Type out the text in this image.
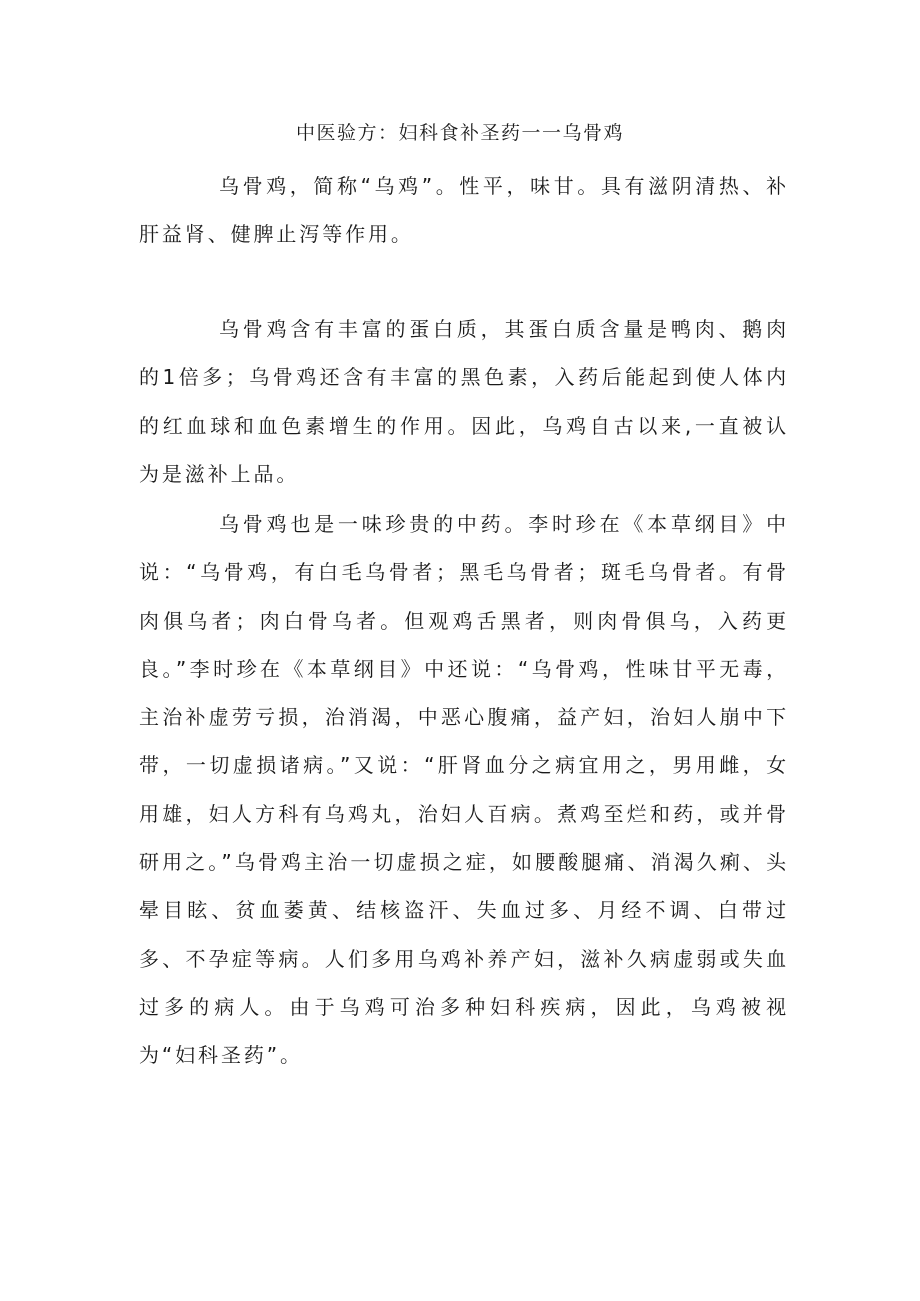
中医验方：妇科食补圣药一一乌骨鸡

乌骨鸡，简称“乌鸡”。性平，味甘。具有滋阴清热、补肝益肾、健脾止泻等作用。

乌骨鸡含有丰富的蛋白质，其蛋白质含量是鸭肉、鹅肉的1倍多；乌骨鸡还含有丰富的黑色素，入药后能起到使人体内的红血球和血色素增生的作用。因此，乌鸡自古以来,一直被认为是滋补上品。

乌骨鸡也是一味珍贵的中药。李时珍在《本草纲目》中说：“乌骨鸡，有白毛乌骨者；黑毛乌骨者；斑毛乌骨者。有骨肉俱乌者；肉白骨乌者。但观鸡舌黑者，则肉骨俱乌，入药更良。”李时珍在《本草纲目》中还说：“乌骨鸡，性味甘平无毒，主治补虚劳亏损，治消渴，中恶心腹痛，益产妇，治妇人崩中下带，一切虚损诸病。”又说：“肝肾血分之病宜用之，男用雌，女用雄，妇人方科有乌鸡丸，治妇人百病。煮鸡至烂和药，或并骨研用之。”乌骨鸡主治一切虚损之症，如腰酸腿痛、消渴久痢、头晕目眩、贫血萎黄、结核盗汗、失血过多、月经不调、白带过多、不孕症等病。人们多用乌鸡补养产妇，滋补久病虚弱或失血过多的病人。由于乌鸡可治多种妇科疾病，因此，乌鸡被视为“妇科圣药”。
